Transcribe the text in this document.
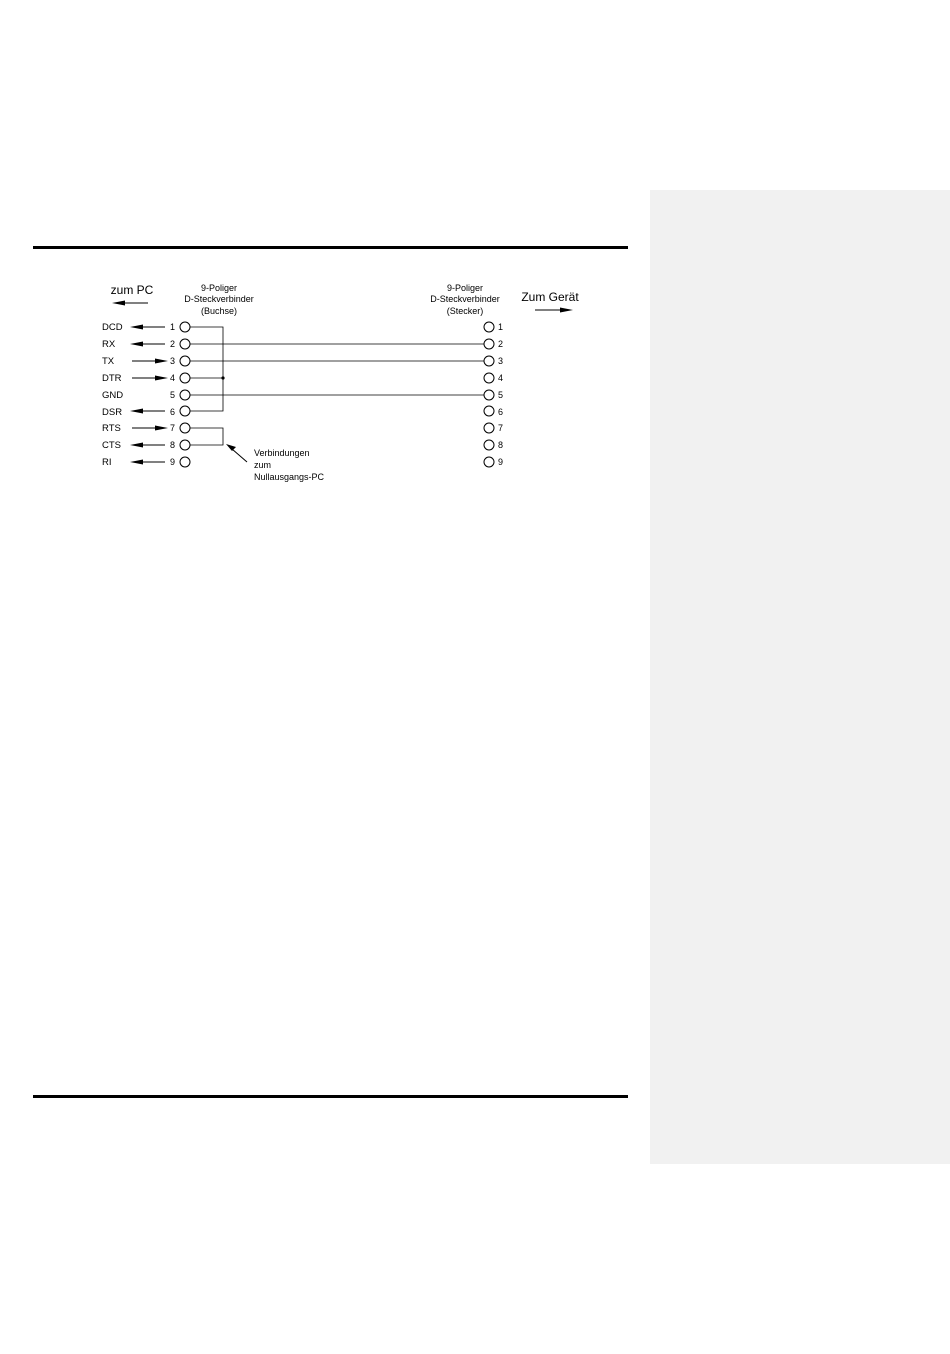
zum PC	Zum Gerät
9-Poliger
D-Steckverbinder
(Buchse)
9-Poliger
D-Steckverbinder
(Stecker)
DCD
RX
TX
DTR
GND
DSR
RTS
CTS
RI
1
2
3
4
5
6
7
8
9
1
2
3
4
5
6
7
8
9
Verbindungen
zum
Nullausgangs-PC
